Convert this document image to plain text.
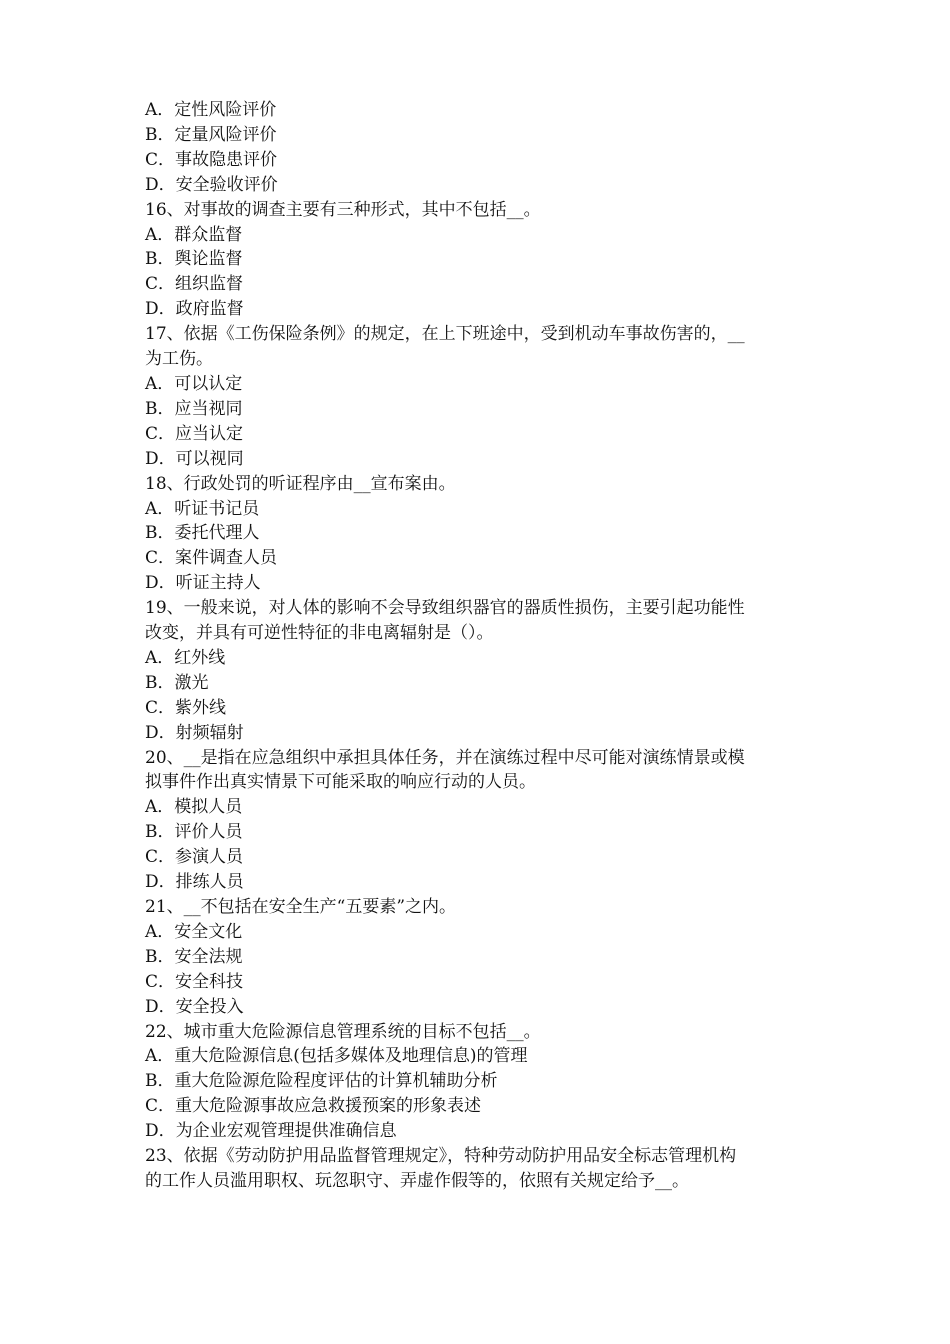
A．定性风险评价
B．定量风险评价
C．事故隐患评价
D．安全验收评价
16、对事故的调查主要有三种形式，其中不包括__。
A．群众监督
B．舆论监督
C．组织监督
D．政府监督
17、依据《工伤保险条例》的规定，在上下班途中，受到机动车事故伤害的，__
为工伤。
A．可以认定
B．应当视同
C．应当认定
D．可以视同
18、行政处罚的听证程序由__宣布案由。
A．听证书记员
B．委托代理人
C．案件调查人员
D．听证主持人
19、一般来说，对人体的影响不会导致组织器官的器质性损伤，主要引起功能性
改变，并具有可逆性特征的非电离辐射是（）。
A．红外线
B．激光
C．紫外线
D．射频辐射
20、__是指在应急组织中承担具体任务，并在演练过程中尽可能对演练情景或模
拟事件作出真实情景下可能采取的响应行动的人员。
A．模拟人员
B．评价人员
C．参演人员
D．排练人员
21、__不包括在安全生产“五要素”之内。
A．安全文化
B．安全法规
C．安全科技
D．安全投入
22、城市重大危险源信息管理系统的目标不包括__。
A．重大危险源信息(包括多媒体及地理信息)的管理
B．重大危险源危险程度评估的计算机辅助分析
C．重大危险源事故应急救援预案的形象表述
D．为企业宏观管理提供准确信息
23、依据《劳动防护用品监督管理规定》，特种劳动防护用品安全标志管理机构
的工作人员滥用职权、玩忽职守、弄虚作假等的，依照有关规定给予__。
